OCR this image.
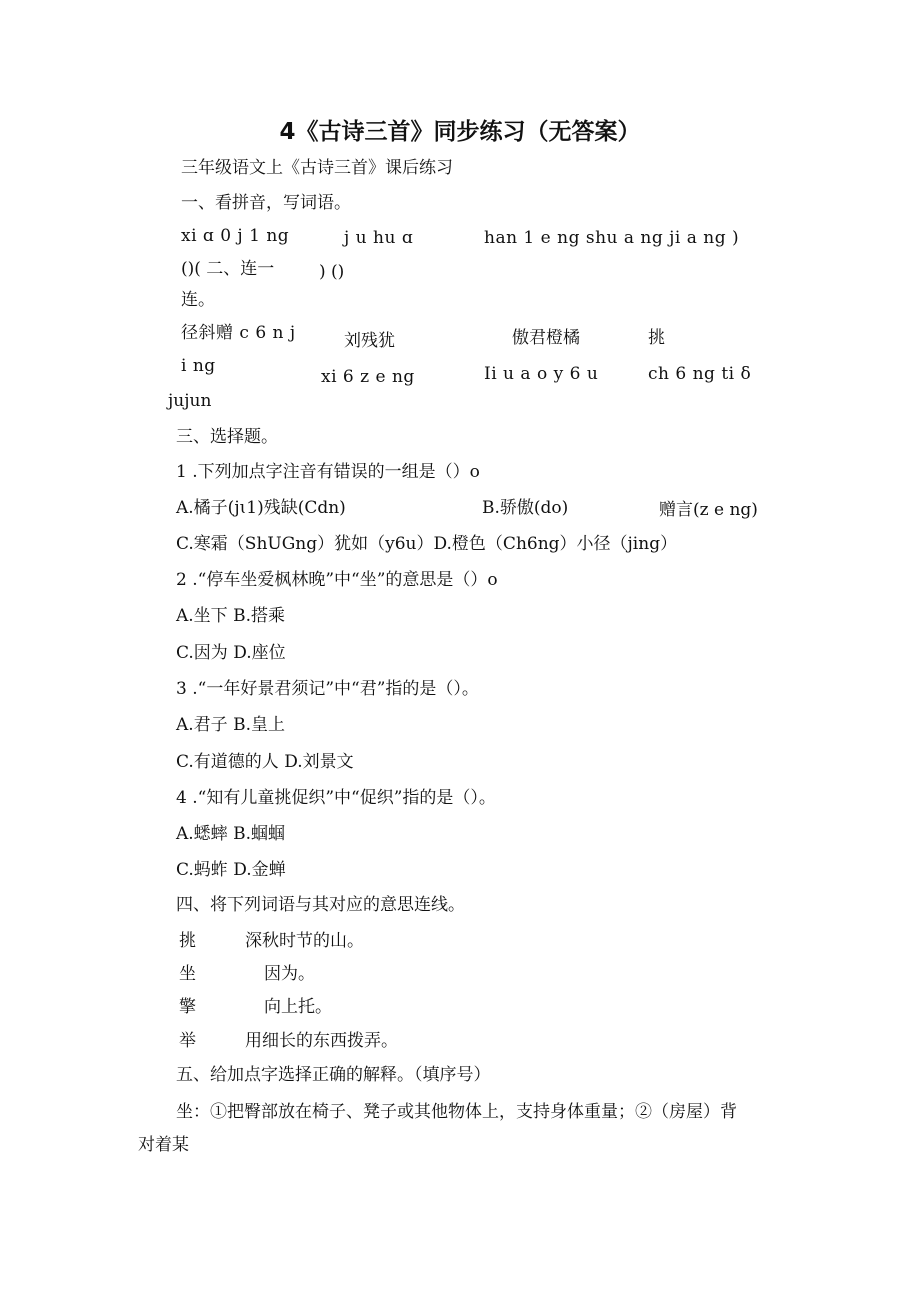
4《古诗三首》同步练习（无答案）
三年级语文上《古诗三首》课后练习
一、看拼音，写词语。
xi ɑ 0 j 1 ng	j u hu ɑ	han 1 e ng shu a ng ji a ng )
()( 二、连一	) ()
连。
径斜赠 c 6 n j	刘残犹	傲君橙橘	挑
i ng
xi 6 z e ng	Ii u a o y 6 u	ch 6 ng ti δ
jujun
三、选择题。
1 .下列加点字注音有错误的一组是（）o
A.橘子(jɩ1)残缺(Cdn)	B.骄傲(do)	赠言(z e ng)
C.寒霜（ShUGng）犹如（y6u）D.橙色（Ch6ng）小径（jing）
2 .“停车坐爱枫林晚”中“坐”的意思是（）o
A.坐下 B.搭乘
C.因为 D.座位
3 .“一年好景君须记”中“君”指的是（）。
A.君子 B.皇上
C.有道德的人 D.刘景文
4 .“知有儿童挑促织”中“促织”指的是（）。
A.蟋蟀 B.蝈蝈
C.蚂蚱 D.金蝉
四、将下列词语与其对应的意思连线。
挑	深秋时节的山。
坐	因为。
擎	向上托。
举	用细长的东西拨弄。
五、给加点字选择正确的解释。（填序号）
坐：①把臀部放在椅子、凳子或其他物体上，支持身体重量；②（房屋）背
对着某
